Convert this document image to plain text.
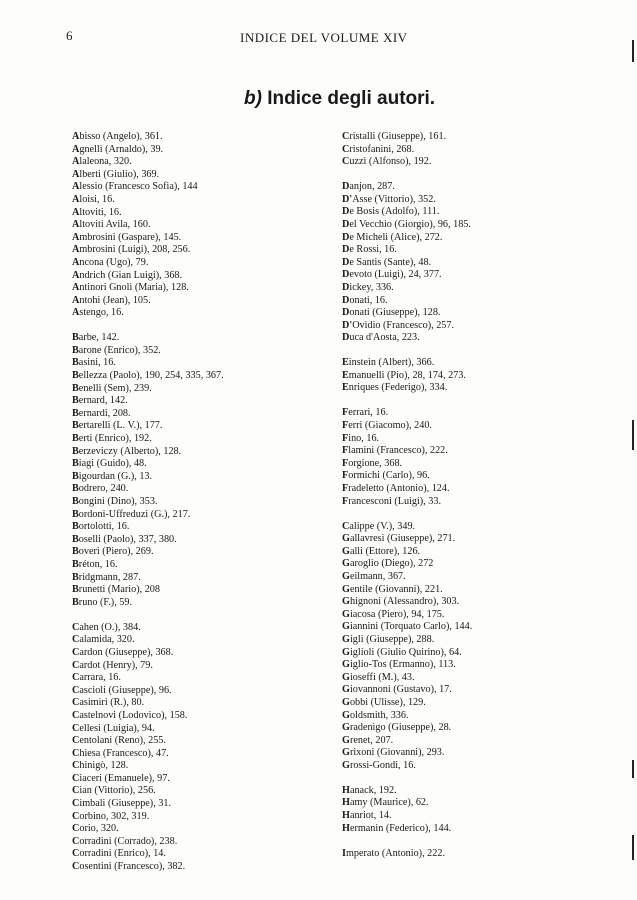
6	INDICE DEL VOLUME XIV
b) Indice degli autori.
Abisso (Angelo), 361.
Agnelli (Arnaldo), 39.
Alaleona, 320.
Alberti (Giulio), 369.
Alessio (Francesco Sofia), 144
Aloisi, 16.
Altoviti, 16.
Altoviti Avila, 160.
Ambrosini (Gaspare), 145.
Ambrosini (Luigi), 208, 256.
Ancona (Ugo), 79.
Andrich (Gian Luigi), 368.
Antinori Gnoli (Maria), 128.
Antohi (Jean), 105.
Astengo, 16.
Barbe, 142.
Barone (Enrico), 352.
Basini, 16.
Bellezza (Paolo), 190, 254, 335, 367.
Benelli (Sem), 239.
Bernard, 142.
Bernardi, 208.
Bertarelli (L. V.), 177.
Berti (Enrico), 192.
Berzeviczy (Alberto), 128.
Biagi (Guido), 48.
Bigourdan (G.), 13.
Bodrero, 240.
Bongini (Dino), 353.
Bordoni-Uffreduzi (G.), 217.
Bortolotti, 16.
Boselli (Paolo), 337, 380.
Boveri (Piero), 269.
Bréton, 16.
Bridgmann, 287.
Brunetti (Mario), 208
Bruno (F.), 59.
Cahen (O.), 384.
Calamida, 320.
Cardon (Giuseppe), 368.
Cardot (Henry), 79.
Carrara, 16.
Cascioli (Giuseppe), 96.
Casimiri (R.), 80.
Castelnovi (Lodovico), 158.
Cellesi (Luigia), 94.
Centolani (Reno), 255.
Chiesa (Francesco), 47.
Chinigò, 128.
Ciaceri (Emanuele), 97.
Cian (Vittorio), 256.
Cimbali (Giuseppe), 31.
Corbino, 302, 319.
Corio, 320.
Corradini (Corrado), 238.
Corradini (Enrico), 14.
Cosentini (Francesco), 382.
Cristalli (Giuseppe), 161.
Cristofanini, 268.
Cuzzi (Alfonso), 192.
Danjon, 287.
D'Asse (Vittorio), 352.
De Bosis (Adolfo), 111.
Del Vecchio (Giorgio), 96, 185.
De Micheli (Alice), 272.
De Rossi, 16.
De Santis (Sante), 48.
Devoto (Luigi), 24, 377.
Dickey, 336.
Donati, 16.
Donati (Giuseppe), 128.
D'Ovidio (Francesco), 257.
Duca d'Aosta, 223.
Einstein (Albert), 366.
Emanuelli (Pio), 28, 174, 273.
Enriques (Federigo), 334.
Ferrari, 16.
Ferri (Giacomo), 240.
Fino, 16.
Flamini (Francesco), 222.
Forgione, 368.
Formichi (Carlo), 96.
Fradeletto (Antonio), 124.
Francesconi (Luigi), 33.
Calippe (V.), 349.
Gallavresi (Giuseppe), 271.
Galli (Ettore), 126.
Garoglio (Diego), 272
Geilmann, 367.
Gentile (Giovanni), 221.
Ghignoni (Alessandro), 303.
Giacosa (Piero), 94, 175.
Giannini (Torquato Carlo), 144.
Gigli (Giuseppe), 288.
Giglioli (Giulio Quirino), 64.
Giglio-Tos (Ermanno), 113.
Gioseffi (M.), 43.
Giovannoni (Gustavo), 17.
Gobbi (Ulisse), 129.
Goldsmith, 336.
Gradenigo (Giuseppe), 28.
Grenet, 207.
Grixoni (Giovanni), 293.
Grossi-Gondi, 16.
Hanack, 192.
Hamy (Maurice), 62.
Hanriot, 14.
Hermanin (Federico), 144.
Imperato (Antonio), 222.
